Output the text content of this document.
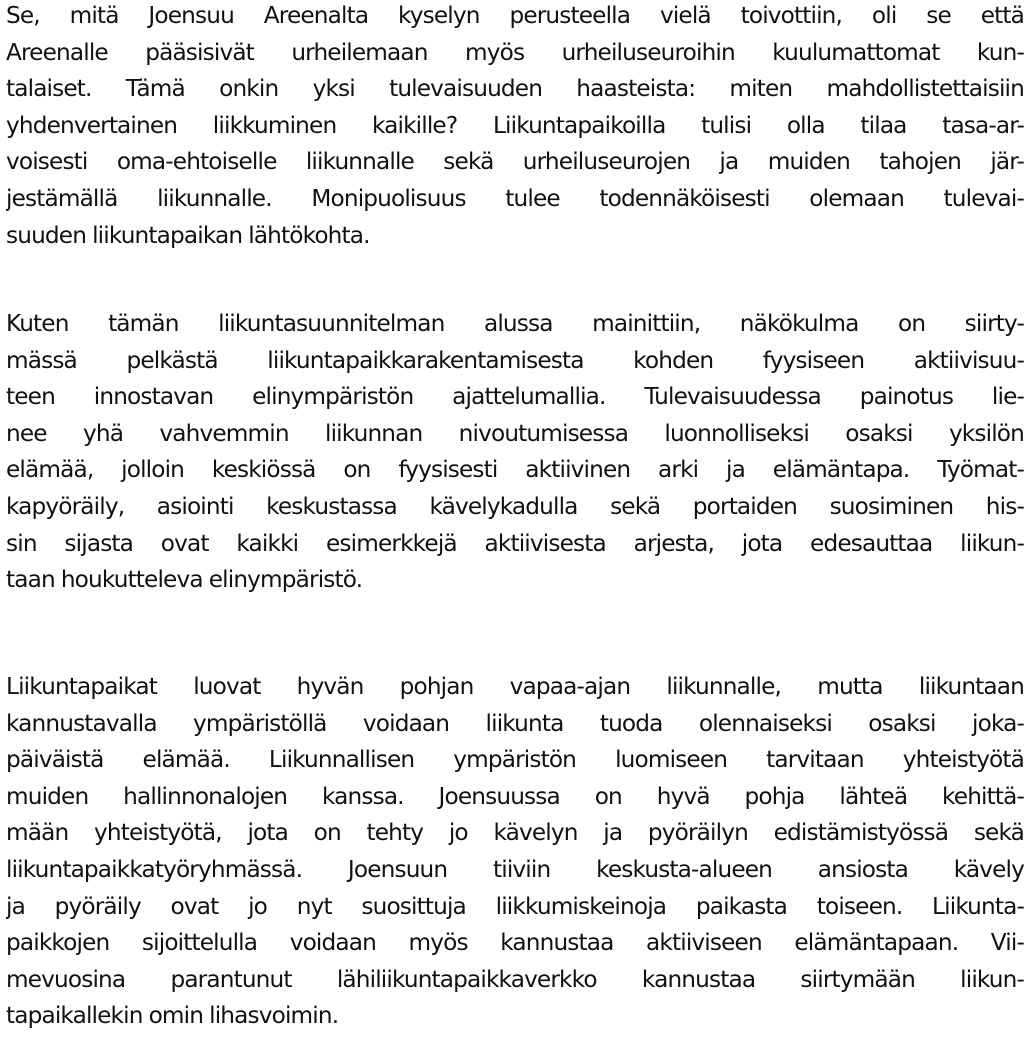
Se, mitä Joensuu Areenalta kyselyn perusteella vielä toivottiin, oli se että
Areenalle pääsisivät urheilemaan myös urheiluseuroihin kuulumattomat kun-
talaiset. Tämä onkin yksi tulevaisuuden haasteista: miten mahdollistettaisiin
yhdenvertainen liikkuminen kaikille? Liikuntapaikoilla tulisi olla tilaa tasa-ar-
voisesti oma-ehtoiselle liikunnalle sekä urheiluseurojen ja muiden tahojen jär-
jestämällä liikunnalle. Monipuolisuus tulee todennäköisesti olemaan tulevai-
suuden liikuntapaikan lähtökohta.

Kuten tämän liikuntasuunnitelman alussa mainittiin, näkökulma on siirty-
mässä pelkästä liikuntapaikkarakentamisesta kohden fyysiseen aktiivisuu-
teen innostavan elinympäristön ajattelumallia. Tulevaisuudessa painotus lie-
nee yhä vahvemmin liikunnan nivoutumisessa luonnolliseksi osaksi yksilön
elämää, jolloin keskiössä on fyysisesti aktiivinen arki ja elämäntapa. Työmat-
kapyöräily, asiointi keskustassa kävelykadulla sekä portaiden suosiminen his-
sin sijasta ovat kaikki esimerkkejä aktiivisesta arjesta, jota edesauttaa liikun-
taan houkutteleva elinympäristö.

Liikuntapaikat luovat hyvän pohjan vapaa-ajan liikunnalle, mutta liikuntaan
kannustavalla ympäristöllä voidaan liikunta tuoda olennaiseksi osaksi joka-
päiväistä elämää. Liikunnallisen ympäristön luomiseen tarvitaan yhteistyötä
muiden hallinnonalojen kanssa. Joensuussa on hyvä pohja lähteä kehittä-
mään yhteistyötä, jota on tehty jo kävelyn ja pyöräilyn edistämistyössä sekä
liikuntapaikkatyöryhmässä. Joensuun tiiviin keskusta-alueen ansiosta kävely
ja pyöräily ovat jo nyt suosittuja liikkumiskeinoja paikasta toiseen. Liikunta-
paikkojen sijoittelulla voidaan myös kannustaa aktiiviseen elämäntapaan. Vii-
mevuosina parantunut lähiliikuntapaikkaverkko kannustaa siirtymään liikun-
tapaikallekin omin lihasvoimin.
